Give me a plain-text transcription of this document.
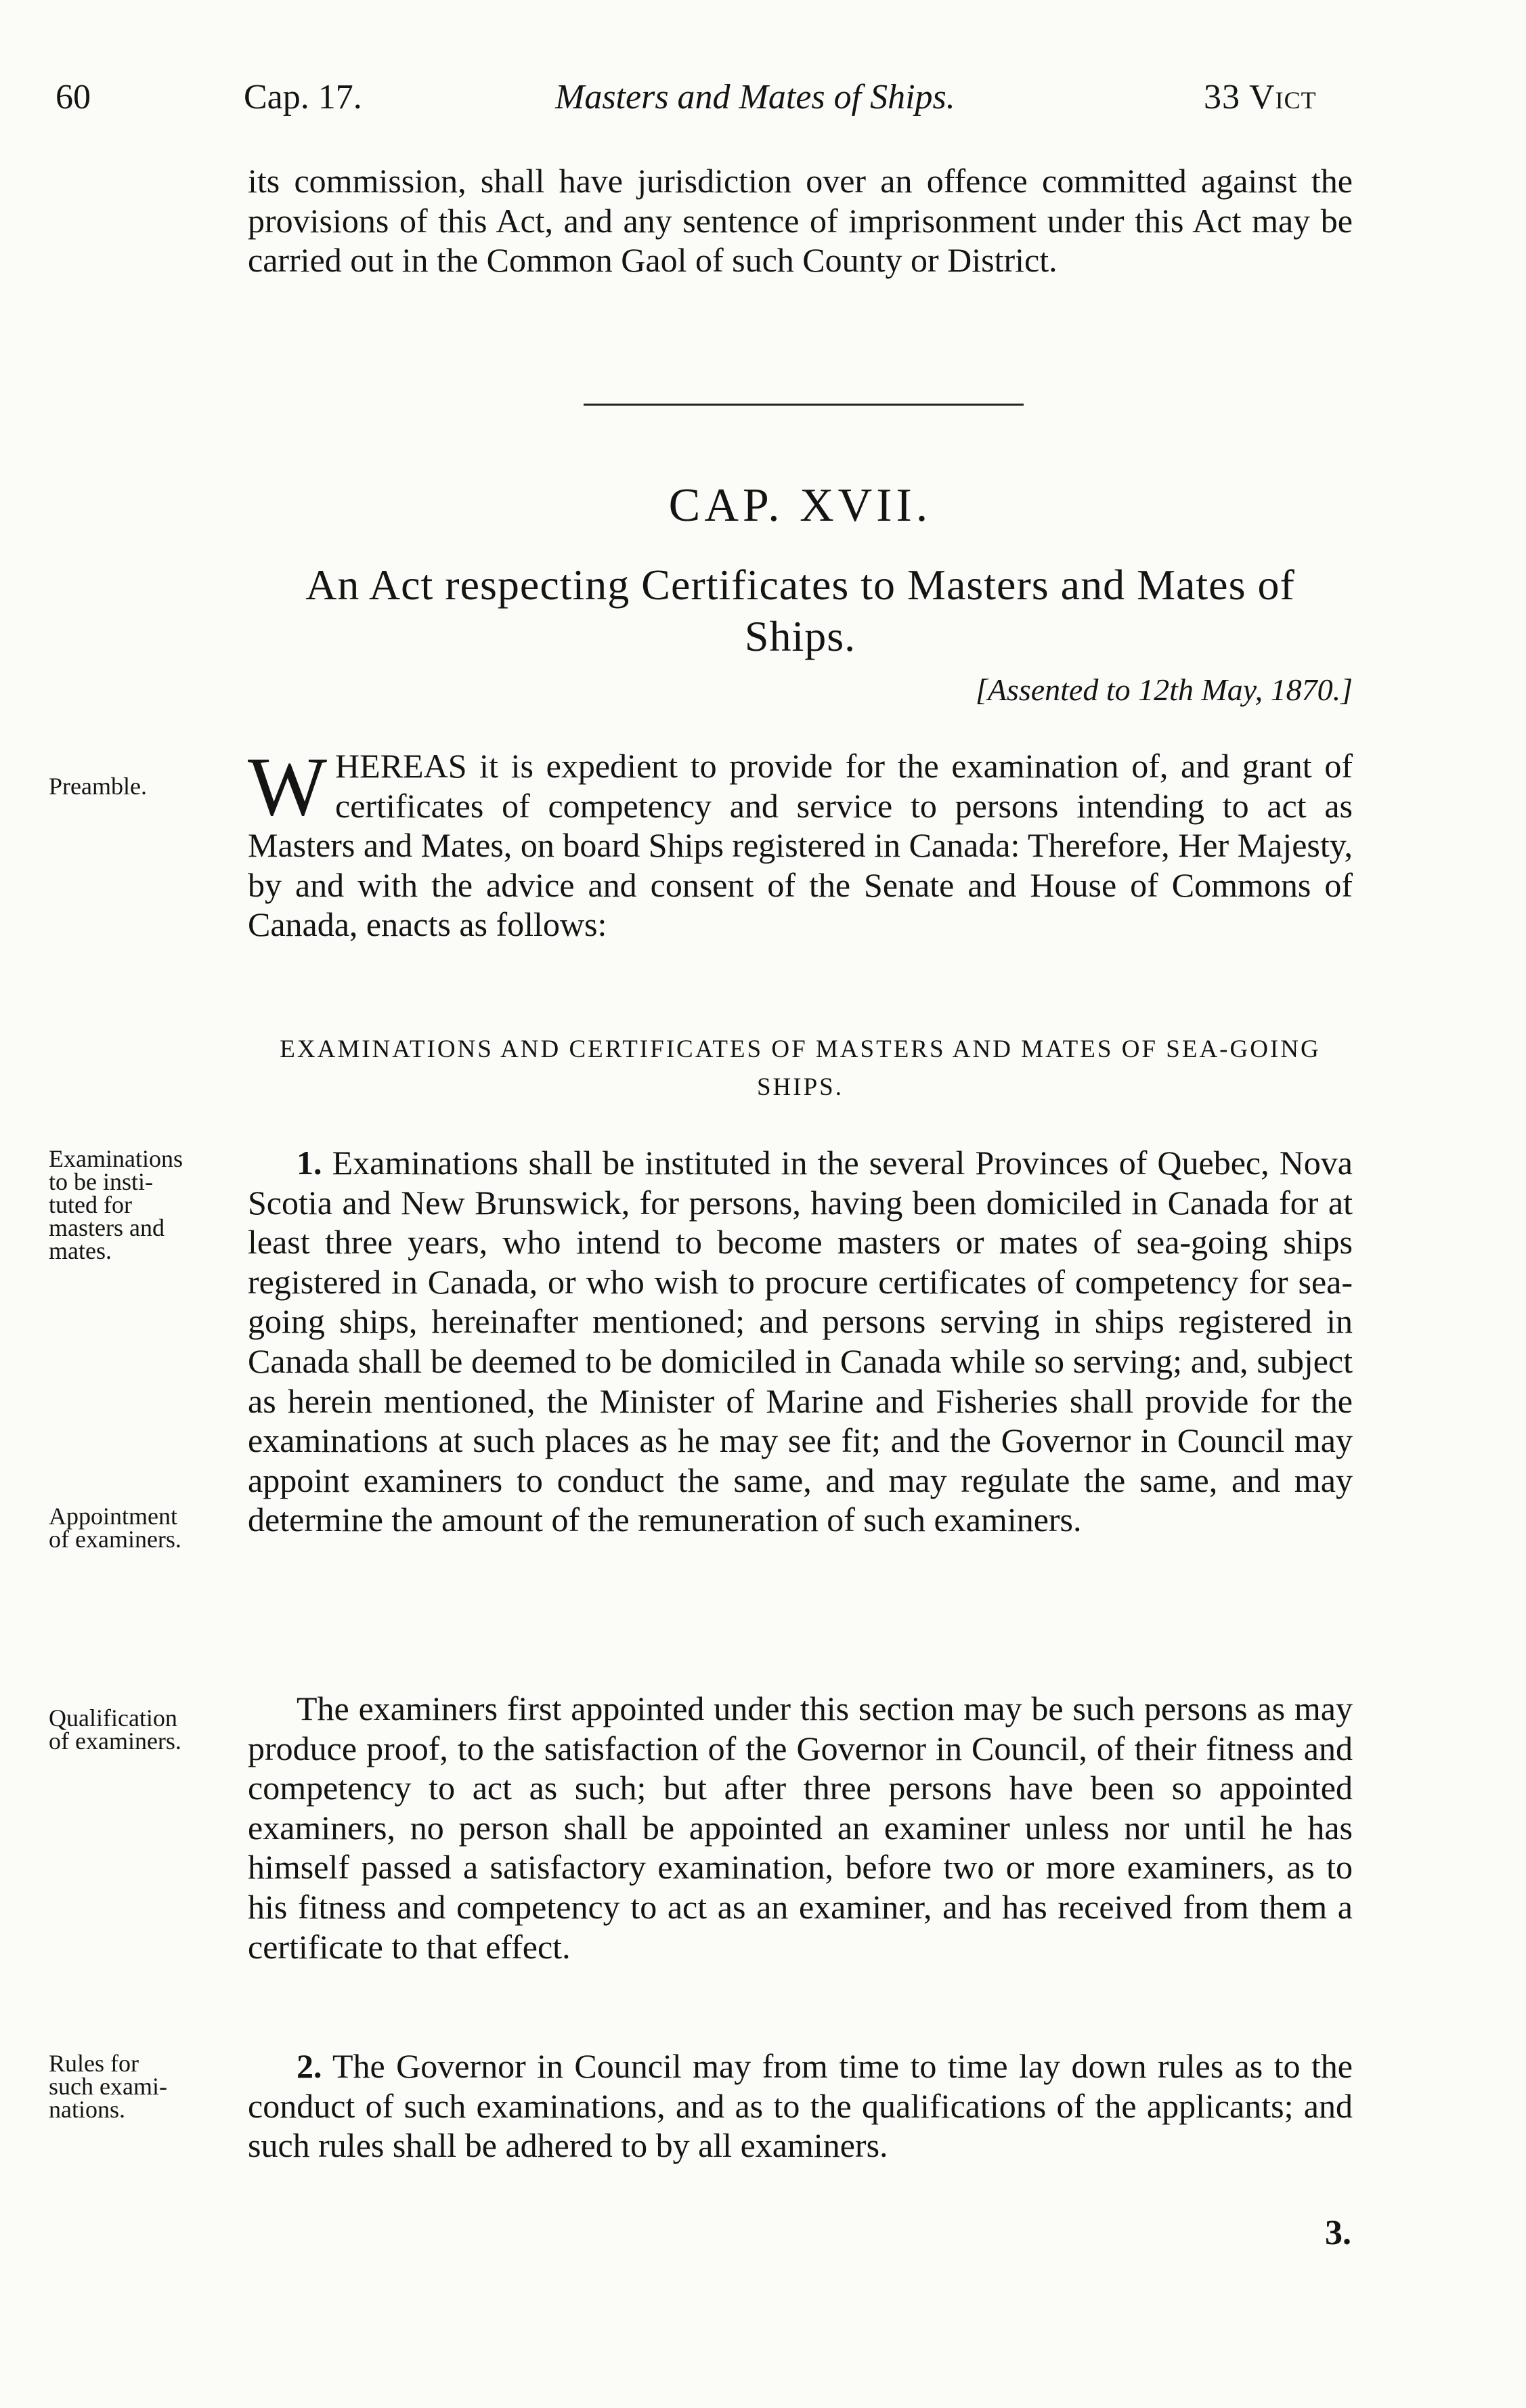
60	Cap. 17.	Masters and Mates of Ships.	33 Vict

its commission, shall have jurisdiction over an offence committed against the provisions of this Act, and any sentence of imprisonment under this Act may be carried out in the Common Gaol of such County or District.

CAP. XVII.
An Act respecting Certificates to Masters and Mates of Ships.
[Assented to 12th May, 1870.]
Preamble.	WHEREAS it is expedient to provide for the examination of, and grant of certificates of competency and service to persons intending to act as Masters and Mates, on board Ships registered in Canada: Therefore, Her Majesty, by and with the advice and consent of the Senate and House of Commons of Canada, enacts as follows:

EXAMINATIONS AND CERTIFICATES OF MASTERS AND MATES OF SEA-GOING SHIPS.
Examinations
to be insti-
tuted for
masters and
mates.
Appointment
of examiners.

1. Examinations shall be instituted in the several Provinces of Quebec, Nova Scotia and New Brunswick, for persons, having been domiciled in Canada for at least three years, who intend to become masters or mates of sea-going ships registered in Canada, or who wish to procure certificates of competency for sea-going ships, hereinafter mentioned; and persons serving in ships registered in Canada shall be deemed to be domiciled in Canada while so serving; and, subject as herein mentioned, the Minister of Marine and Fisheries shall provide for the examinations at such places as he may see fit; and the Governor in Council may appoint examiners to conduct the same, and may regulate the same, and may determine the amount of the remuneration of such examiners.

Qualification
of examiners.

The examiners first appointed under this section may be such persons as may produce proof, to the satisfaction of the Governor in Council, of their fitness and competency to act as such; but after three persons have been so appointed examiners, no person shall be appointed an examiner unless nor until he has himself passed a satisfactory examination, before two or more examiners, as to his fitness and competency to act as an examiner, and has received from them a certificate to that effect.

Rules for
such exami-
nations.

2. The Governor in Council may from time to time lay down rules as to the conduct of such examinations, and as to the qualifications of the applicants; and such rules shall be adhered to by all examiners.

3.
